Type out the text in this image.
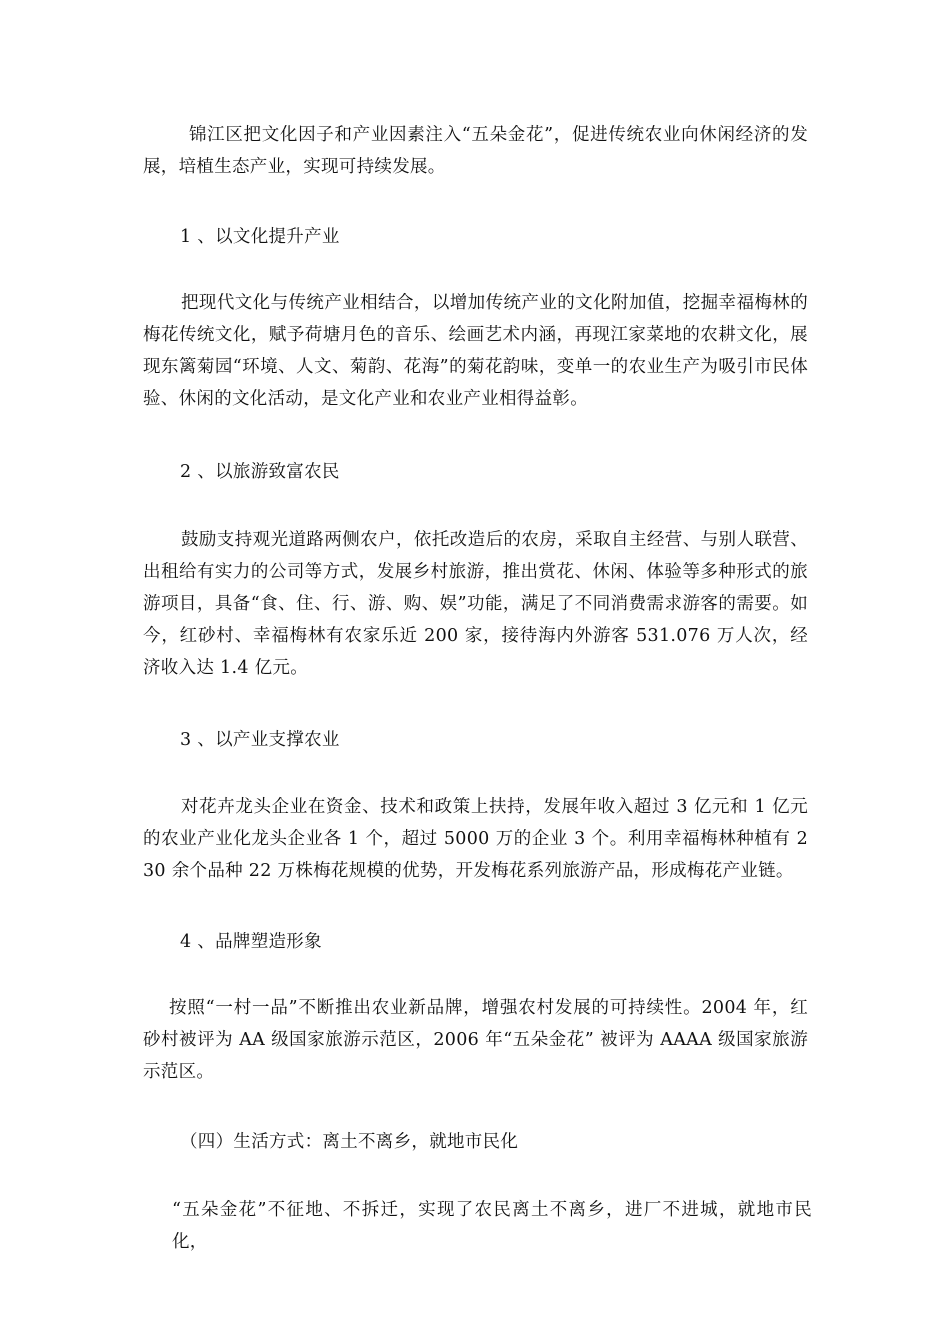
锦江区把文化因子和产业因素注入“五朵金花”，促进传统农业向休闲经济的发展，培植生态产业，实现可持续发展。

1 、以文化提升产业

把现代文化与传统产业相结合，以增加传统产业的文化附加值，挖掘幸福梅林的梅花传统文化，赋予荷塘月色的音乐、绘画艺术内涵，再现江家菜地的农耕文化，展现东篱菊园“环境、人文、菊韵、花海”的菊花韵味，变单一的农业生产为吸引市民体验、休闲的文化活动，是文化产业和农业产业相得益彰。

2 、以旅游致富农民

鼓励支持观光道路两侧农户，依托改造后的农房，采取自主经营、与别人联营、出租给有实力的公司等方式，发展乡村旅游，推出赏花、休闲、体验等多种形式的旅游项目，具备“食、住、行、游、购、娱”功能，满足了不同消费需求游客的需要。如今，红砂村、幸福梅林有农家乐近 200 家，接待海内外游客 531.076 万人次，经济收入达 1.4 亿元。

3 、以产业支撑农业

对花卉龙头企业在资金、技术和政策上扶持，发展年收入超过 3 亿元和 1 亿元的农业产业化龙头企业各 1 个，超过 5000 万的企业 3 个。利用幸福梅林种植有 230 余个品种 22 万株梅花规模的优势，开发梅花系列旅游产品，形成梅花产业链。

4 、品牌塑造形象

按照“一村一品”不断推出农业新品牌，增强农村发展的可持续性。2004 年，红砂村被评为 AA 级国家旅游示范区，2006 年“五朵金花” 被评为 AAAA 级国家旅游示范区。

（四）生活方式：离土不离乡，就地市民化

“五朵金花”不征地、不拆迁，实现了农民离土不离乡，进厂不进城，就地市民化，
